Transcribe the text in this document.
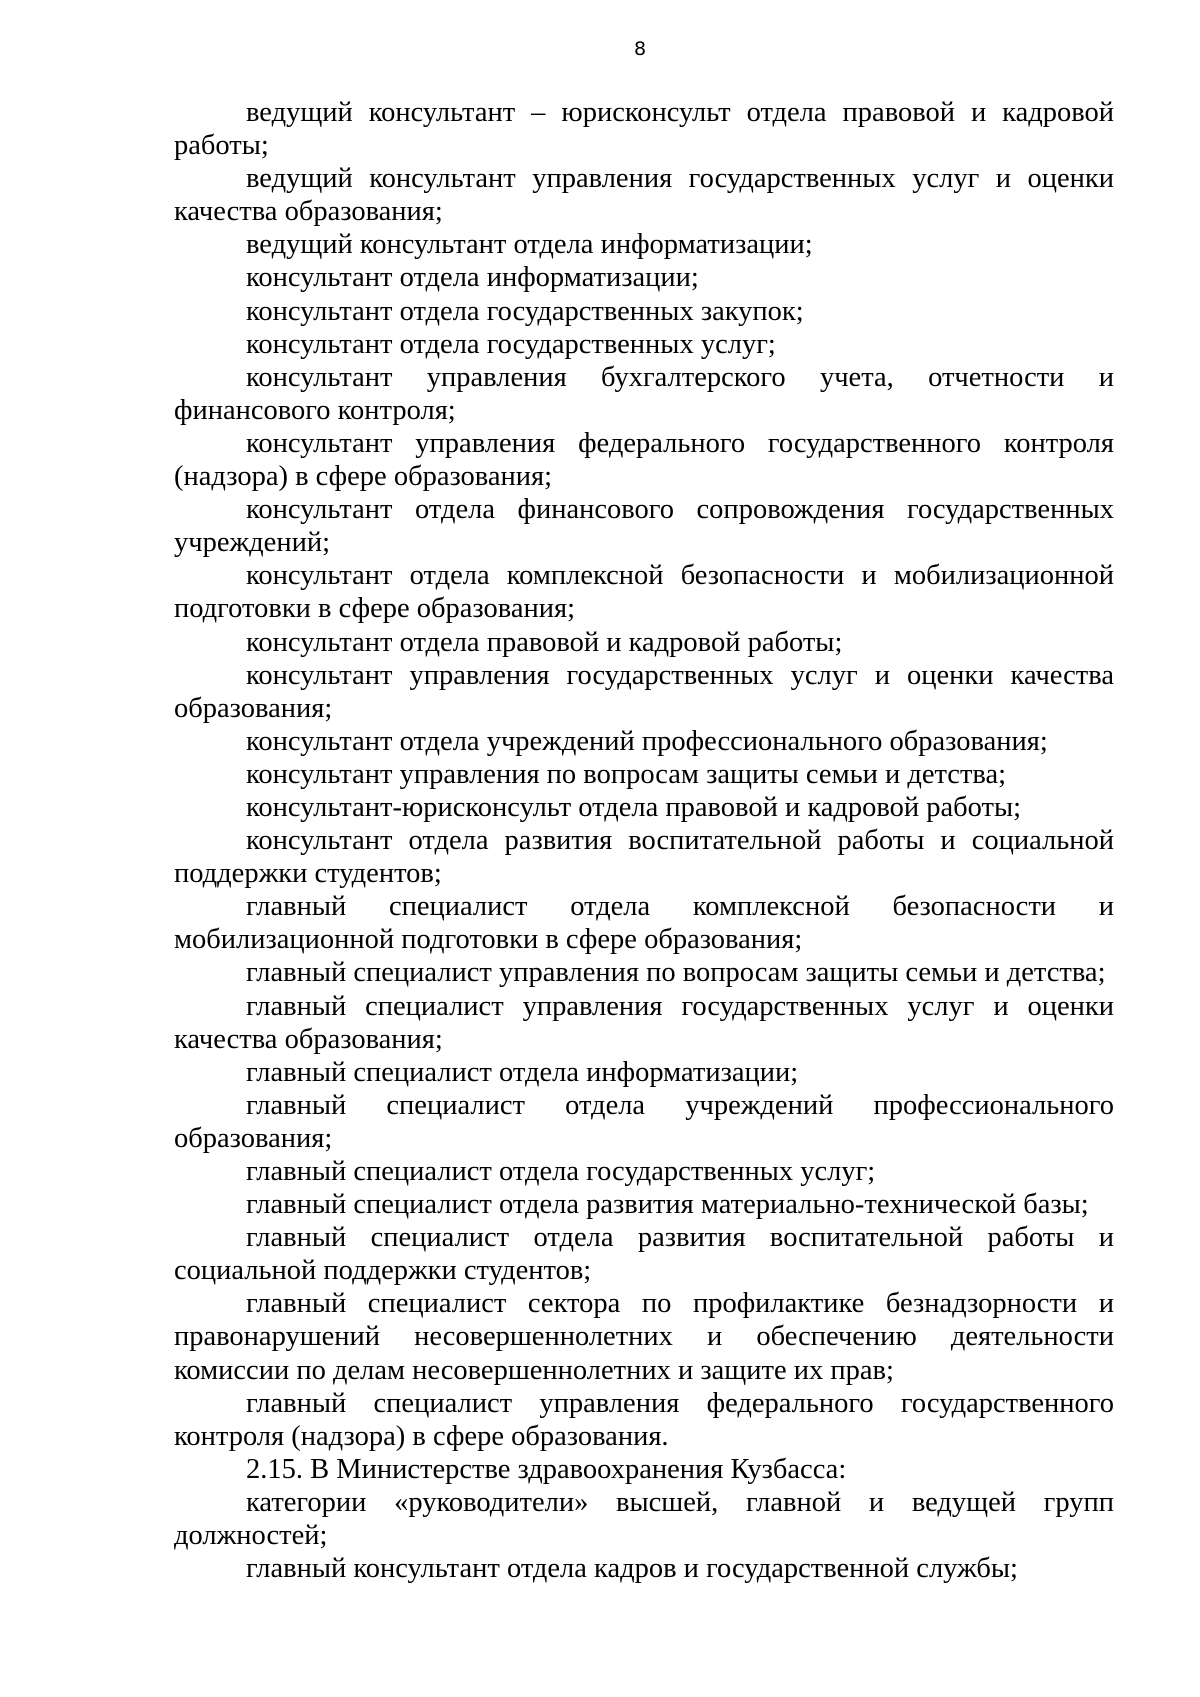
8

ведущий консультант – юрисконсульт отдела правовой и кадровой работы;

ведущий консультант управления государственных услуг и оценки качества образования;

ведущий консультант отдела информатизации;

консультант отдела информатизации;

консультант отдела государственных закупок;

консультант отдела государственных услуг;

консультант управления бухгалтерского учета, отчетности и финансового контроля;

консультант управления федерального государственного контроля (надзора) в сфере образования;

консультант отдела финансового сопровождения государственных учреждений;

консультант отдела комплексной безопасности и мобилизационной подготовки в сфере образования;

консультант отдела правовой и кадровой работы;

консультант управления государственных услуг и оценки качества образования;

консультант отдела учреждений профессионального образования;

консультант управления по вопросам защиты семьи и детства;

консультант-юрисконсульт отдела правовой и кадровой работы;

консультант отдела развития воспитательной работы и социальной поддержки студентов;

главный специалист отдела комплексной безопасности и мобилизационной подготовки в сфере образования;

главный специалист управления по вопросам защиты семьи и детства;

главный специалист управления государственных услуг и оценки качества образования;

главный специалист отдела информатизации;

главный специалист отдела учреждений профессионального образования;

главный специалист отдела государственных услуг;

главный специалист отдела развития материально-технической базы;

главный специалист отдела развития воспитательной работы и социальной поддержки студентов;

главный специалист сектора по профилактике безнадзорности и правонарушений несовершеннолетних и обеспечению деятельности комиссии по делам несовершеннолетних и защите их прав;

главный специалист управления федерального государственного контроля (надзора) в сфере образования.

2.15. В Министерстве здравоохранения Кузбасса:

категории «руководители» высшей, главной и ведущей групп должностей;

главный консультант отдела кадров и государственной службы;
